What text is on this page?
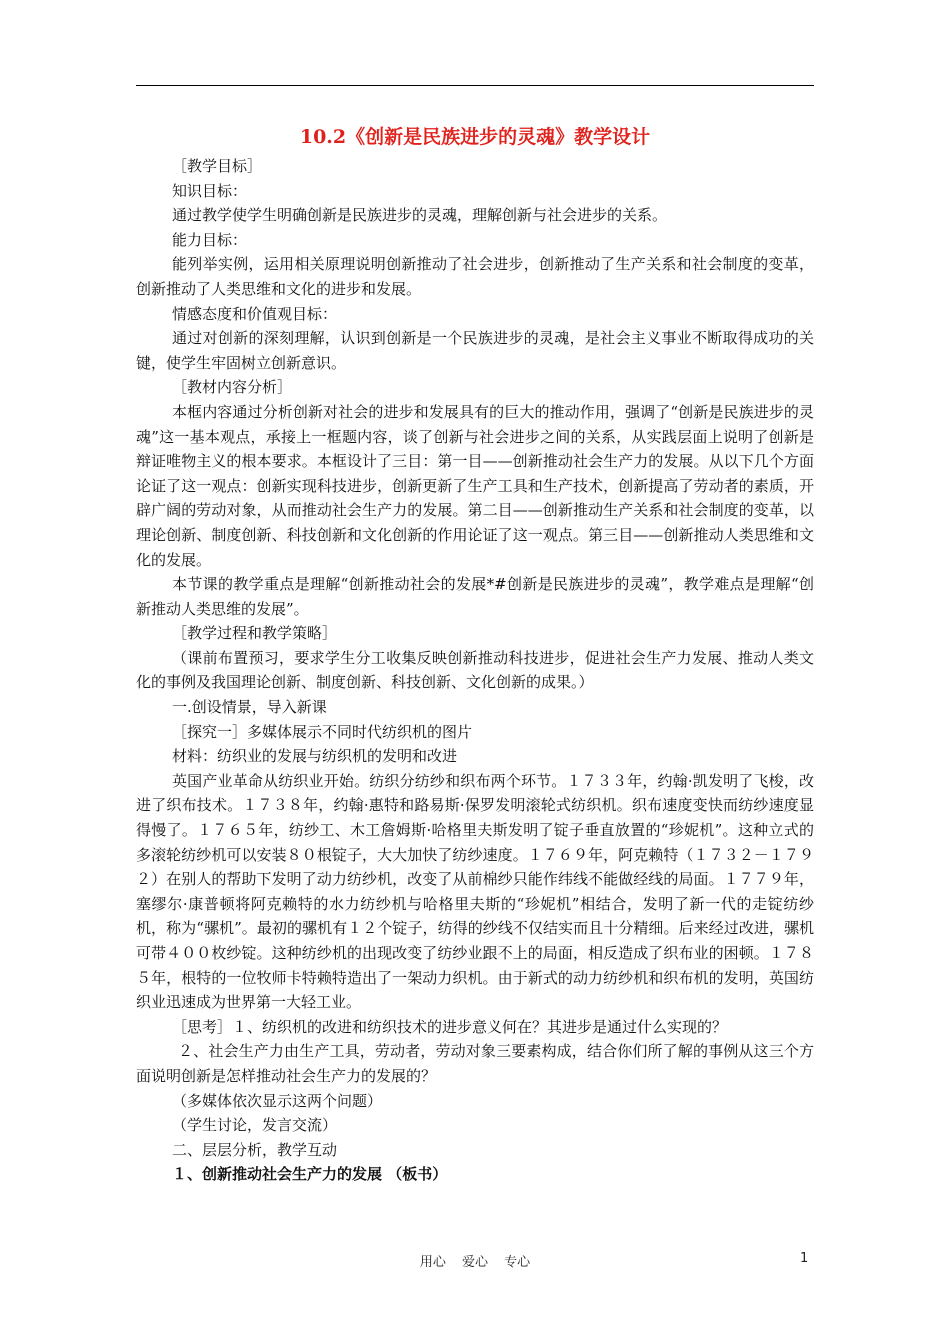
10.2《创新是民族进步的灵魂》教学设计

［教学目标］

知识目标：

通过教学使学生明确创新是民族进步的灵魂，理解创新与社会进步的关系。

能力目标：

能列举实例，运用相关原理说明创新推动了社会进步，创新推动了生产关系和社会制度的变革，创新推动了人类思维和文化的进步和发展。

情感态度和价值观目标：

通过对创新的深刻理解，认识到创新是一个民族进步的灵魂，是社会主义事业不断取得成功的关键，使学生牢固树立创新意识。

［教材内容分析］

本框内容通过分析创新对社会的进步和发展具有的巨大的推动作用，强调了“创新是民族进步的灵魂”这一基本观点，承接上一框题内容，谈了创新与社会进步之间的关系，从实践层面上说明了创新是辩证唯物主义的根本要求。本框设计了三目：第一目——创新推动社会生产力的发展。从以下几个方面论证了这一观点：创新实现科技进步，创新更新了生产工具和生产技术，创新提高了劳动者的素质，开辟广阔的劳动对象，从而推动社会生产力的发展。第二目——创新推动生产关系和社会制度的变革，以理论创新、制度创新、科技创新和文化创新的作用论证了这一观点。第三目——创新推动人类思维和文化的发展。

本节课的教学重点是理解“创新推动社会的发展*#创新是民族进步的灵魂”，教学难点是理解“创新推动人类思维的发展”。

［教学过程和教学策略］

（课前布置预习，要求学生分工收集反映创新推动科技进步，促进社会生产力发展、推动人类文化的事例及我国理论创新、制度创新、科技创新、文化创新的成果。）

一.创设情景，导入新课

［探究一］多媒体展示不同时代纺织机的图片

材料：纺织业的发展与纺织机的发明和改进

英国产业革命从纺织业开始。纺织分纺纱和织布两个环节。１７３３年，约翰·凯发明了飞梭，改进了织布技术。１７３８年，约翰·惠特和路易斯·保罗发明滚轮式纺织机。织布速度变快而纺纱速度显得慢了。１７６５年，纺纱工、木工詹姆斯·哈格里夫斯发明了锭子垂直放置的“珍妮机”。这种立式的多滚轮纺纱机可以安装８０根锭子，大大加快了纺纱速度。１７６９年，阿克赖特（１７３２－１７９２）在别人的帮助下发明了动力纺纱机，改变了从前棉纱只能作纬线不能做经线的局面。１７７９年，塞缪尔·康普顿将阿克赖特的水力纺纱机与哈格里夫斯的“珍妮机”相结合，发明了新一代的走锭纺纱机，称为“骡机”。最初的骡机有１２个锭子，纺得的纱线不仅结实而且十分精细。后来经过改进，骡机可带４００枚纱锭。这种纺纱机的出现改变了纺纱业跟不上的局面，相反造成了织布业的困顿。１７８５年，根特的一位牧师卡特赖特造出了一架动力织机。由于新式的动力纺纱机和织布机的发明，英国纺织业迅速成为世界第一大轻工业。

［思考］１、纺织机的改进和纺织技术的进步意义何在？其进步是通过什么实现的？

２、社会生产力由生产工具，劳动者，劳动对象三要素构成，结合你们所了解的事例从这三个方面说明创新是怎样推动社会生产力的发展的？

（多媒体依次显示这两个问题）

（学生讨论，发言交流）

二、层层分析，教学互动

１、创新推动社会生产力的发展 （板书）

用心 爱心 专心	1
